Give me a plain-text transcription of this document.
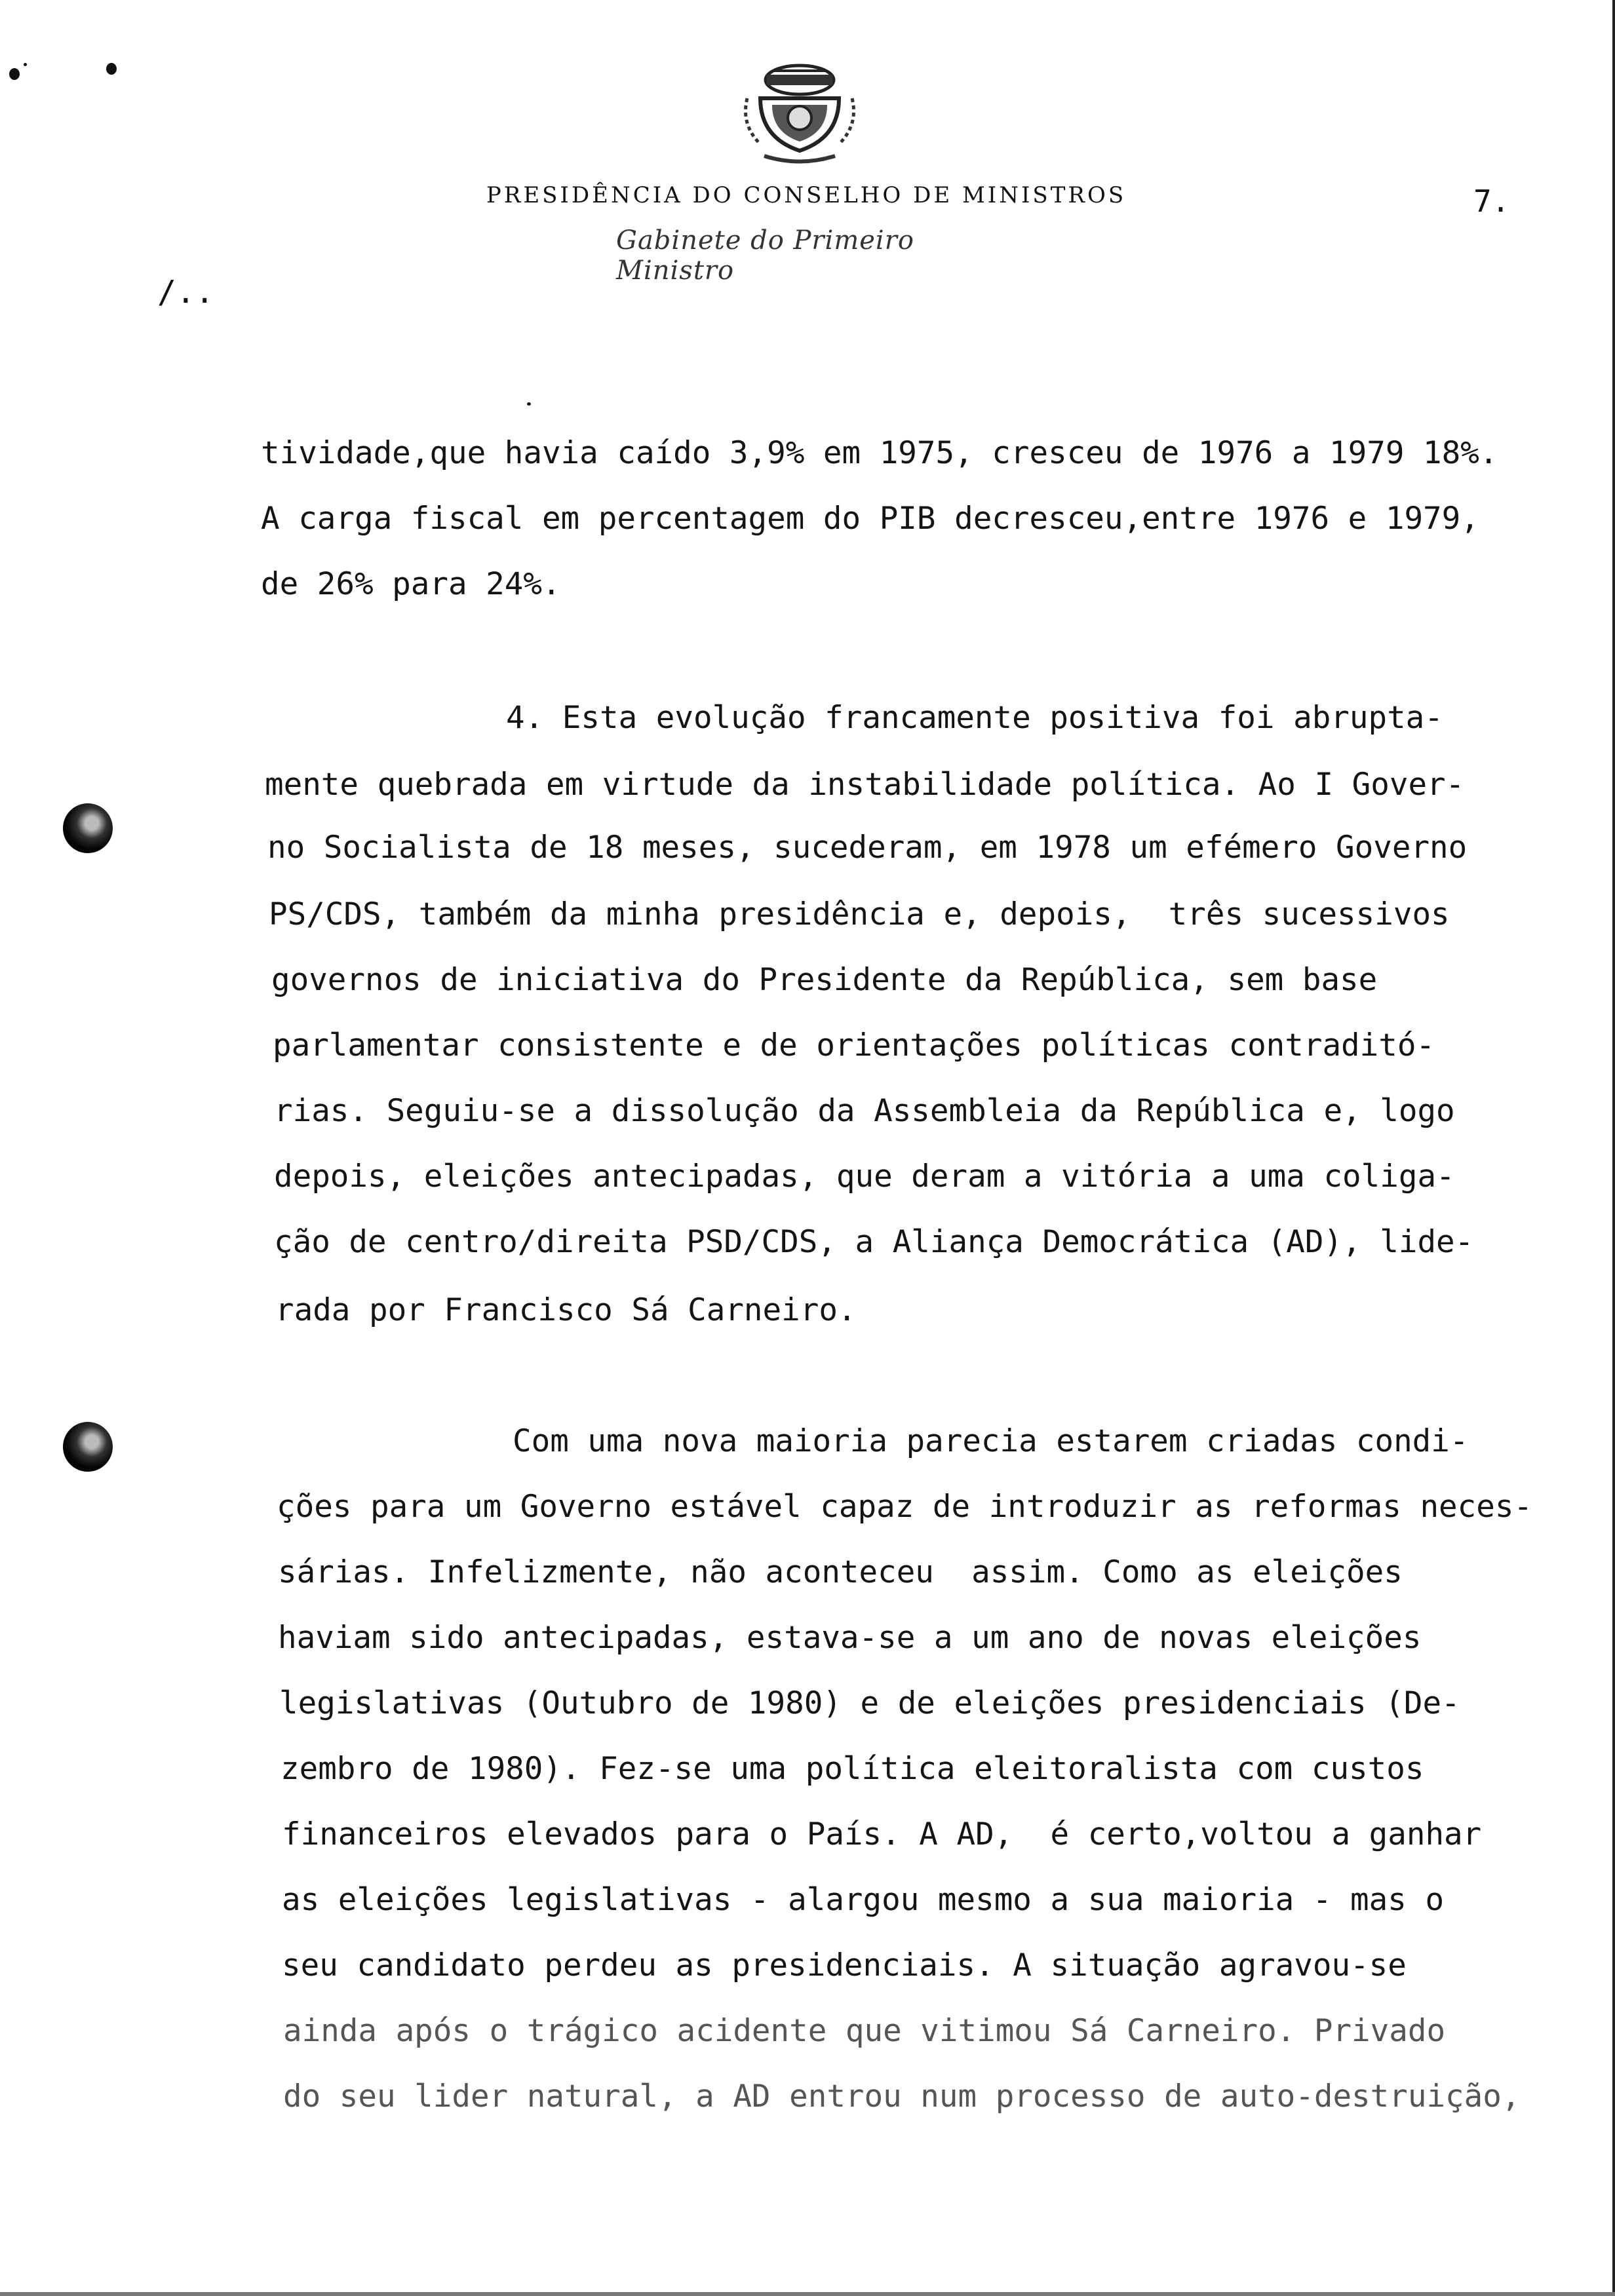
PRESIDÊNCIA DO CONSELHO DE MINISTROS
Gabinete do Primeiro Ministro
7.
/..
tividade,que havia caído 3,9% em 1975, cresceu de 1976 a 1979 18%.
A carga fiscal em percentagem do PIB decresceu,entre 1976 e 1979,
de 26% para 24%.
4. Esta evolução francamente positiva foi abrupta-
mente quebrada em virtude da instabilidade política. Ao I Gover-
no Socialista de 18 meses, sucederam, em 1978 um efémero Governo
PS/CDS, também da minha presidência e, depois,  três sucessivos
governos de iniciativa do Presidente da República, sem base
parlamentar consistente e de orientações políticas contraditó-
rias. Seguiu-se a dissolução da Assembleia da República e, logo
depois, eleições antecipadas, que deram a vitória a uma coliga-
ção de centro/direita PSD/CDS, a Aliança Democrática (AD), lide-
rada por Francisco Sá Carneiro.
Com uma nova maioria parecia estarem criadas condi-
ções para um Governo estável capaz de introduzir as reformas neces-
sárias. Infelizmente, não aconteceu  assim. Como as eleições
haviam sido antecipadas, estava-se a um ano de novas eleições
legislativas (Outubro de 1980) e de eleições presidenciais (De-
zembro de 1980). Fez-se uma política eleitoralista com custos
financeiros elevados para o País. A AD,  é certo,voltou a ganhar
as eleições legislativas - alargou mesmo a sua maioria - mas o
seu candidato perdeu as presidenciais. A situação agravou-se
ainda após o trágico acidente que vitimou Sá Carneiro. Privado
do seu lider natural, a AD entrou num processo de auto-destruição,
